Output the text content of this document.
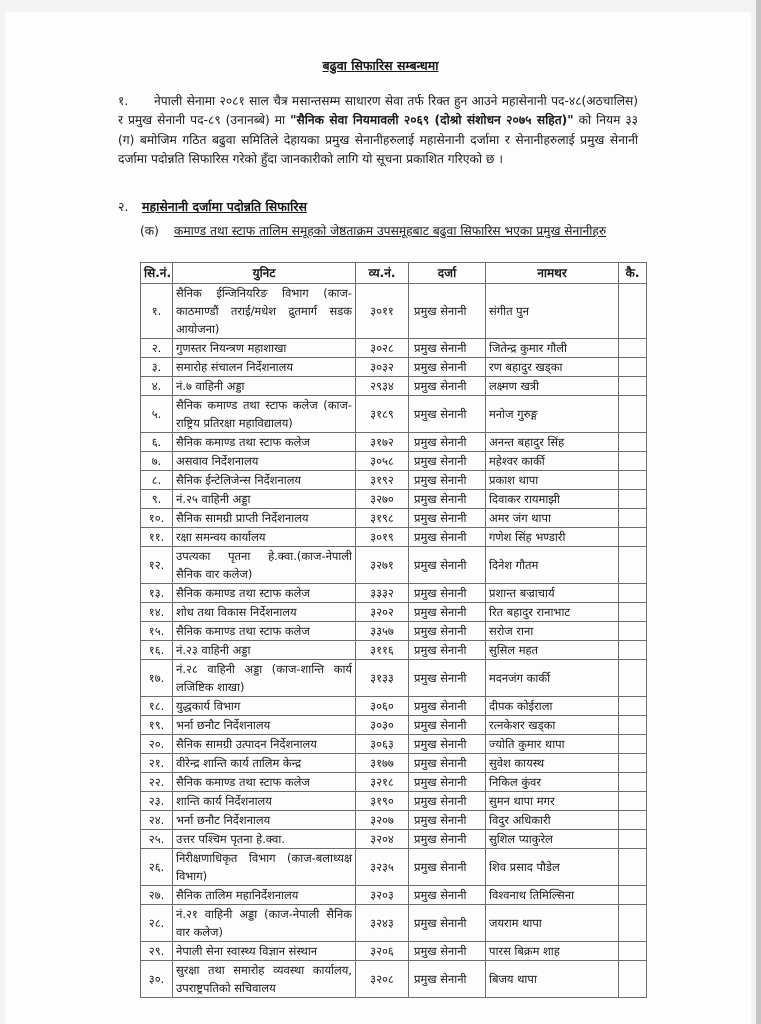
बढुवा सिफारिस सम्बन्धमा
१. नेपाली सेनामा २०८१ साल चैत्र मसान्तसम्म साधारण सेवा तर्फ रिक्त हुन आउने महासेनानी पद-४८(अठचालिस) र प्रमुख सेनानी पद-८९ (उनानब्बे) मा "सैनिक सेवा नियमावली २०६९ (दोश्रो संशोधन २०७५ सहित)" को नियम ३३ (ग) बमोजिम गठित बढुवा समितिले देहायका प्रमुख सेनानीहरुलाई महासेनानी दर्जामा र सेनानीहरुलाई प्रमुख सेनानी दर्जामा पदोन्नति सिफारिस गरेको हुँदा जानकारीको लागि यो सूचना प्रकाशित गरिएको छ ।
२. महासेनानी दर्जामा पदोन्नति सिफारिस
(क) कमाण्ड तथा स्टाफ तालिम समूहको जेष्ठताक्रम उपसमूहबाट बढुवा सिफारिस भएका प्रमुख सेनानीहरु
सि.नं.	युनिट	व्य.नं.	दर्जा	नामथर	कै.
१.	सैनिक ईन्जिनियरिङ विभाग (काज-काठमाण्डौं तराई/मधेश द्रुतमार्ग सडक आयोजना)	३०११	प्रमुख सेनानी	संगीत पुन	
२.	गुणस्तर नियन्त्रण महाशाखा	३०२८	प्रमुख सेनानी	जितेन्द्र कुमार गौली	
३.	समारोह संचालन निर्देशनालय	३०३२	प्रमुख सेनानी	रण बहादुर खड्का	
४.	नं.७ वाहिनी अड्डा	२९३४	प्रमुख सेनानी	लक्ष्मण खत्री	
५.	सैनिक कमाण्ड तथा स्टाफ कलेज (काज-राष्ट्रिय प्रतिरक्षा महाविद्यालय)	३१८९	प्रमुख सेनानी	मनोज गुरुङ्ग	
६.	सैनिक कमाण्ड तथा स्टाफ कलेज	३१७२	प्रमुख सेनानी	अनन्त बहादुर सिंह	
७.	असवाव निर्देशनालय	३०५८	प्रमुख सेनानी	महेश्वर कार्की	
८.	सैनिक ईन्टेलिजेन्स निर्देशनालय	३१९२	प्रमुख सेनानी	प्रकाश थापा	
९.	नं.२५ वाहिनी अड्डा	३२७०	प्रमुख सेनानी	दिवाकर रायमाझी	
१०.	सैनिक सामग्री प्राप्ती निर्देशनालय	३१९८	प्रमुख सेनानी	अमर जंग थापा	
११.	रक्षा समन्वय कार्यालय	३०१९	प्रमुख सेनानी	गणेश सिंह भण्डारी	
१२.	उपत्यका पृतना हे.क्वा.(काज-नेपाली सैनिक वार कलेज)	३२७१	प्रमुख सेनानी	दिनेश गौतम	
१३.	सैनिक कमाण्ड तथा स्टाफ कलेज	३३३२	प्रमुख सेनानी	प्रशान्त बज्राचार्य	
१४.	शोध तथा विकास निर्देशनालय	३२०२	प्रमुख सेनानी	रित बहादुर रानाभाट	
१५.	सैनिक कमाण्ड तथा स्टाफ कलेज	३३५७	प्रमुख सेनानी	सरोज राना	
१६.	नं.२३ वाहिनी अड्डा	३११६	प्रमुख सेनानी	सुसिल महत	
१७.	नं.२८ वाहिनी अड्डा (काज-शान्ति कार्य लजिष्टिक शाखा)	३१३३	प्रमुख सेनानी	मदनजंग कार्की	
१८.	युद्धकार्य विभाग	३०६०	प्रमुख सेनानी	दीपक कोईराला	
१९.	भर्ना छनौट निर्देशनालय	३०३०	प्रमुख सेनानी	रत्नकेशर खड्का	
२०.	सैनिक सामग्री उत्पादन निर्देशनालय	३०६३	प्रमुख सेनानी	ज्योति कुमार थापा	
२१.	वीरेन्द्र शान्ति कार्य तालिम केन्द्र	३१७७	प्रमुख सेनानी	सुवेश कायस्थ	
२२.	सैनिक कमाण्ड तथा स्टाफ कलेज	३२१८	प्रमुख सेनानी	निकिल कुंवर	
२३.	शान्ति कार्य निर्देशनालय	३१९०	प्रमुख सेनानी	सुमन थापा मगर	
२४.	भर्ना छनौट निर्देशनालय	३२०७	प्रमुख सेनानी	विदुर अधिकारी	
२५.	उत्तर पश्चिम पृतना हे.क्वा.	३२०४	प्रमुख सेनानी	सुशिल प्याकुरेल	
२६.	निरीक्षणाधिकृत विभाग (काज-बलाध्यक्ष विभाग)	३२३५	प्रमुख सेनानी	शिव प्रसाद पौडेल	
२७.	सैनिक तालिम महानिर्देशनालय	३२०३	प्रमुख सेनानी	विश्वनाथ तिमिल्सिना	
२८.	नं.२१ वाहिनी अड्डा (काज-नेपाली सैनिक वार कलेज)	३२४३	प्रमुख सेनानी	जयराम थापा	
२९.	नेपाली सेना स्वास्थ्य विज्ञान संस्थान	३२०६	प्रमुख सेनानी	पारस बिक्रम शाह	
३०.	सुरक्षा तथा समारोह व्यवस्था कार्यालय, उपराष्ट्रपतिको सचिवालय	३२०८	प्रमुख सेनानी	बिजय थापा	
